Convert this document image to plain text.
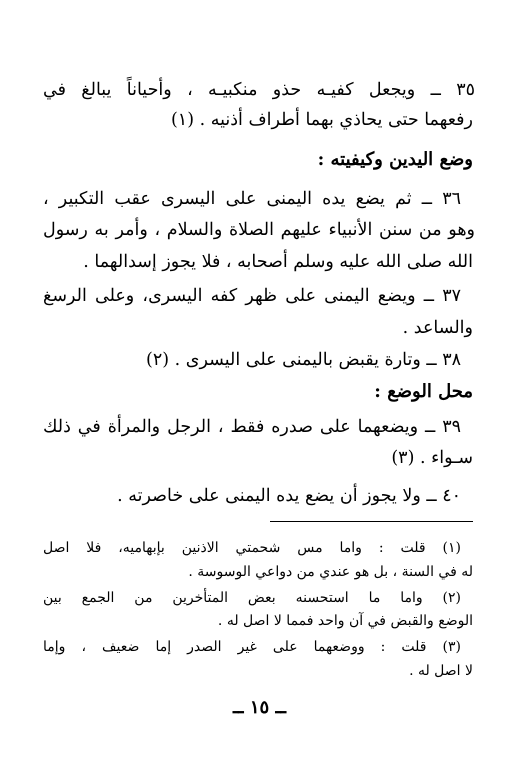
٣٥ ــ ويجعل كفيـه حذو منكبيـه ، وأحياناً يبالغ في
رفعهما حتى يحاذي بهما أطراف أذنيه . (١)
وضع اليدين وكيفيته :
٣٦ ــ ثم يضع يده اليمنى على اليسرى عقب التكبير ،
وهو من سنن الأنبياء عليهم الصلاة والسلام ، وأمر به رسول
الله صلى الله عليه وسلم أصحابه ، فلا يجوز إسدالهما .
٣٧ ــ ويضع اليمنى على ظهر كفه اليسرى، وعلى الرسغ
والساعد .
٣٨ ــ وتارة يقبض باليمنى على اليسرى . (٢)
محل الوضع :
٣٩ ــ ويضعهما على صدره فقط ، الرجل والمرأة في ذلك
سـواء . (٣)
٤٠ ــ ولا يجوز أن يضع يده اليمنى على خاصرته .
(١) قلت : واما مس شحمتي الاذنين بإبهاميه، فلا اصل
له في السنة ، بل هو عندي من دواعي الوسوسة .
(٢) واما ما استحسنه بعض المتأخرين من الجمع بين
الوضع والقبض في آن واحد فمما لا اصل له .
(٣) قلت : ووضعهما على غير الصدر إما ضعيف ، وإما
لا اصل له .
ــ ١٥ ــ
